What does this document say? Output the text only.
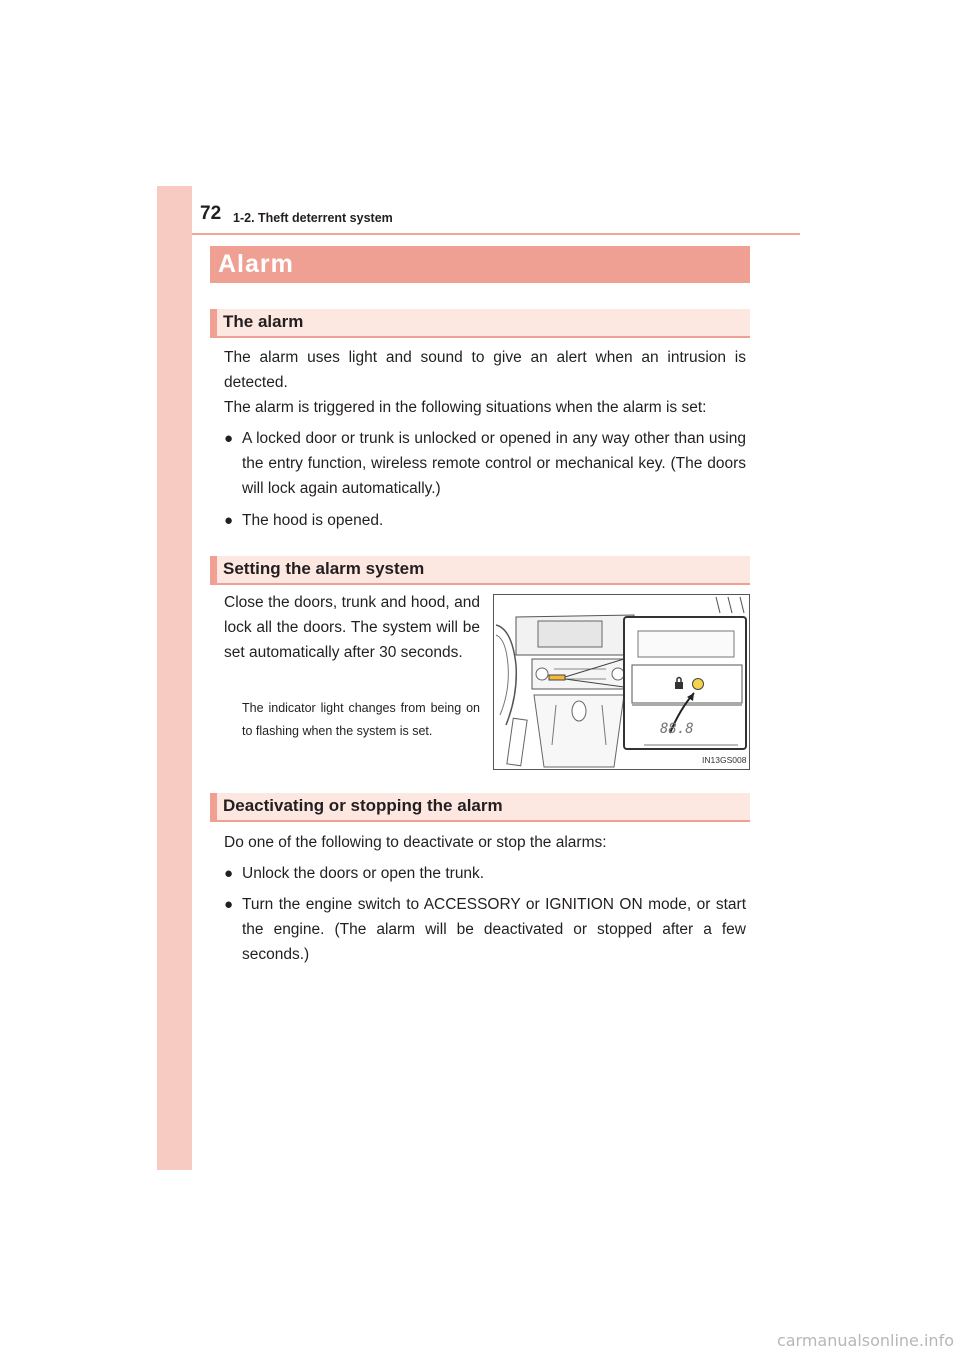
72 1-2. Theft deterrent system
Alarm
The alarm
The alarm uses light and sound to give an alert when an intrusion is detected.
The alarm is triggered in the following situations when the alarm is set:
● A locked door or trunk is unlocked or opened in any way other than using the entry function, wireless remote control or mechanical key. (The doors will lock again automatically.)
● The hood is opened.
Setting the alarm system
Close the doors, trunk and hood, and lock all the doors. The system will be set automatically after 30 seconds.
The indicator light changes from being on to flashing when the system is set.	88.8
IN13GS008
Deactivating or stopping the alarm
Do one of the following to deactivate or stop the alarms:
● Unlock the doors or open the trunk.
● Turn the engine switch to ACCESSORY or IGNITION ON mode, or start the engine. (The alarm will be deactivated or stopped after a few seconds.)
carmanualsonline.info
